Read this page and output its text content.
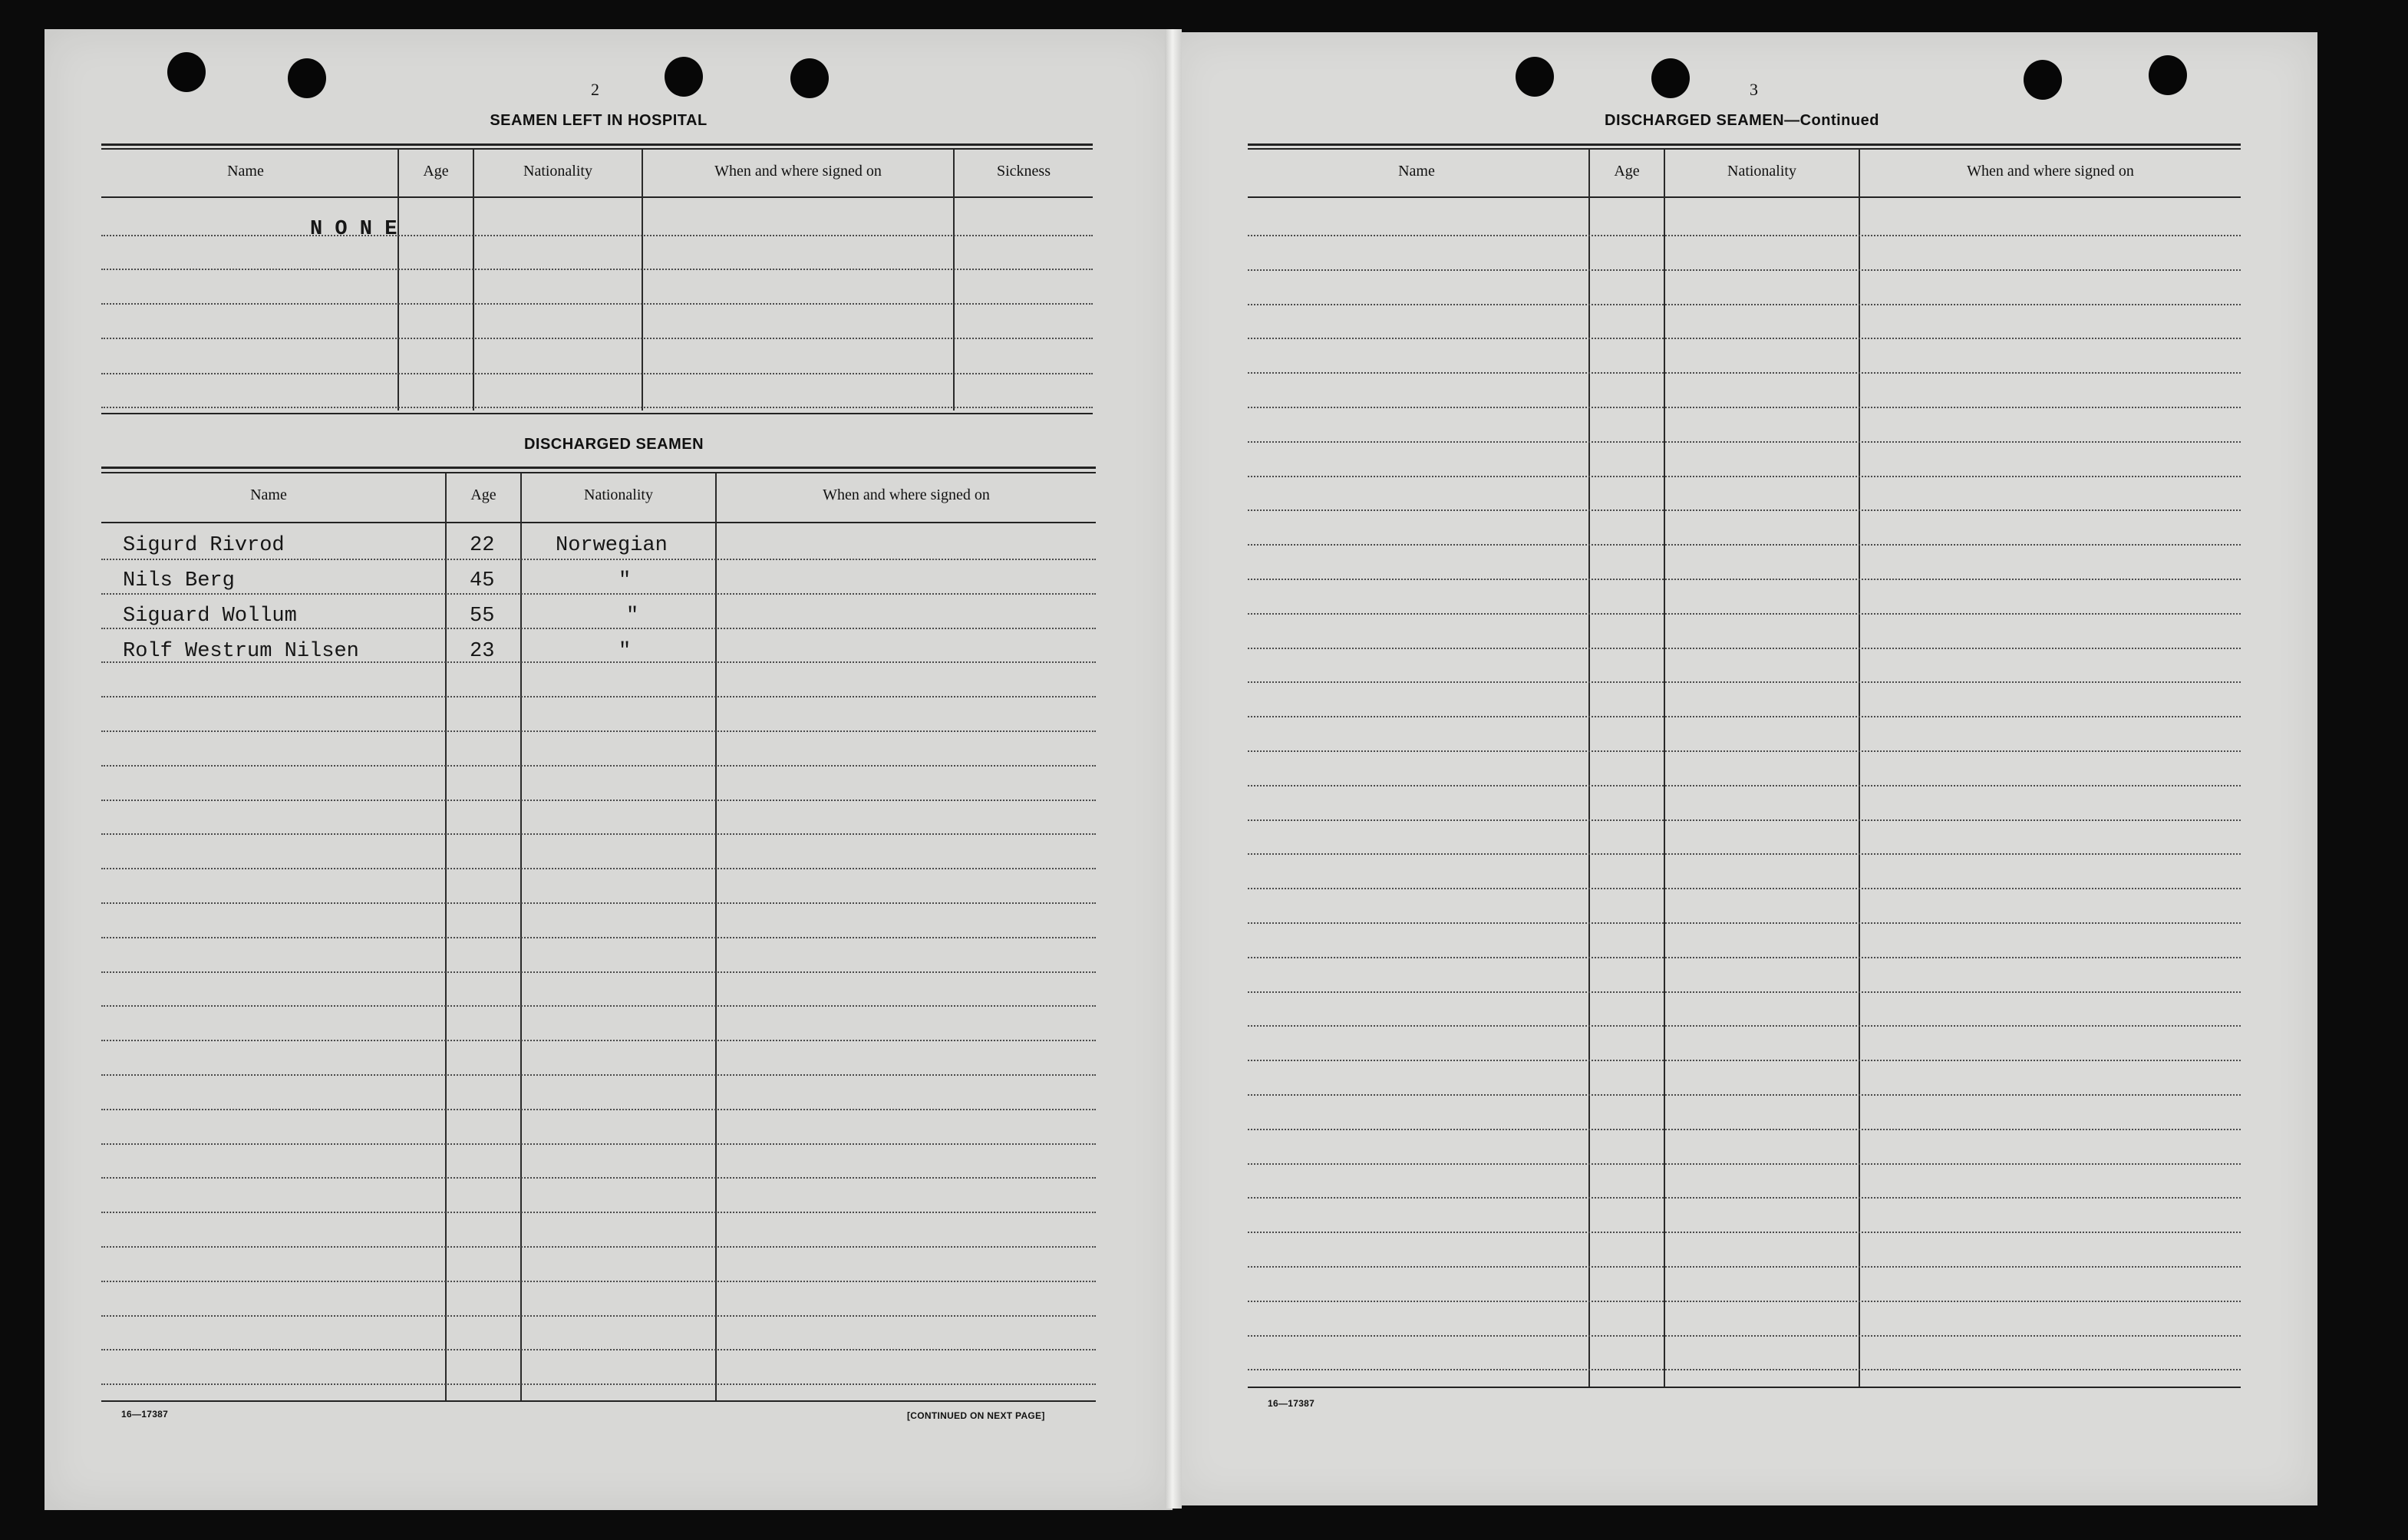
2
SEAMEN LEFT IN HOSPITAL
Name	Age	Nationality	When and where signed on	Sickness
N O N E
DISCHARGED SEAMEN
Name	Age	Nationality	When and where signed on
Sigurd Rivrod	22	Norwegian
Nils Berg	45	"
Siguard Wollum	55	"
Rolf Westrum Nilsen	23	"
16—17387	[CONTINUED ON NEXT PAGE]
3
DISCHARGED SEAMEN—Continued
Name	Age	Nationality	When and where signed on
16—17387
